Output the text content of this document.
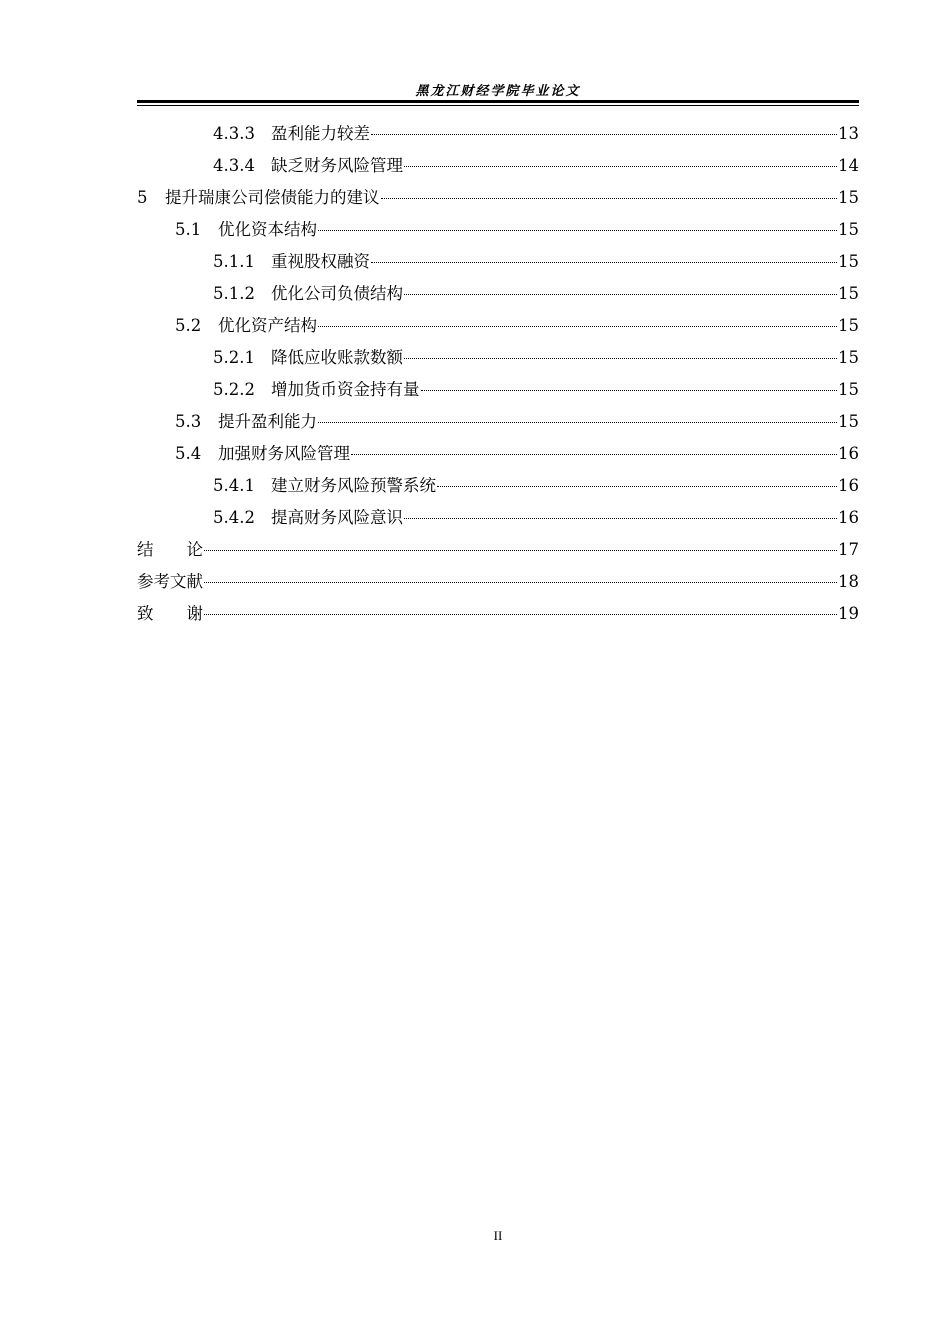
黑龙江财经学院毕业论文
4.3.3 盈利能力较差	13
4.3.4 缺乏财务风险管理	14
5	提升瑞康公司偿债能力的建议	15
5.1	优化资本结构	15
5.1.1 重视股权融资	15
5.1.2 优化公司负债结构	15
5.2	优化资产结构	15
5.2.1 降低应收账款数额	15
5.2.2 增加货币资金持有量	15
5.3	提升盈利能力	15
5.4	加强财务风险管理	16
5.4.1 建立财务风险预警系统	16
5.4.2 提高财务风险意识	16
结　　论	17
参考文献	18
致　　谢	19
II
